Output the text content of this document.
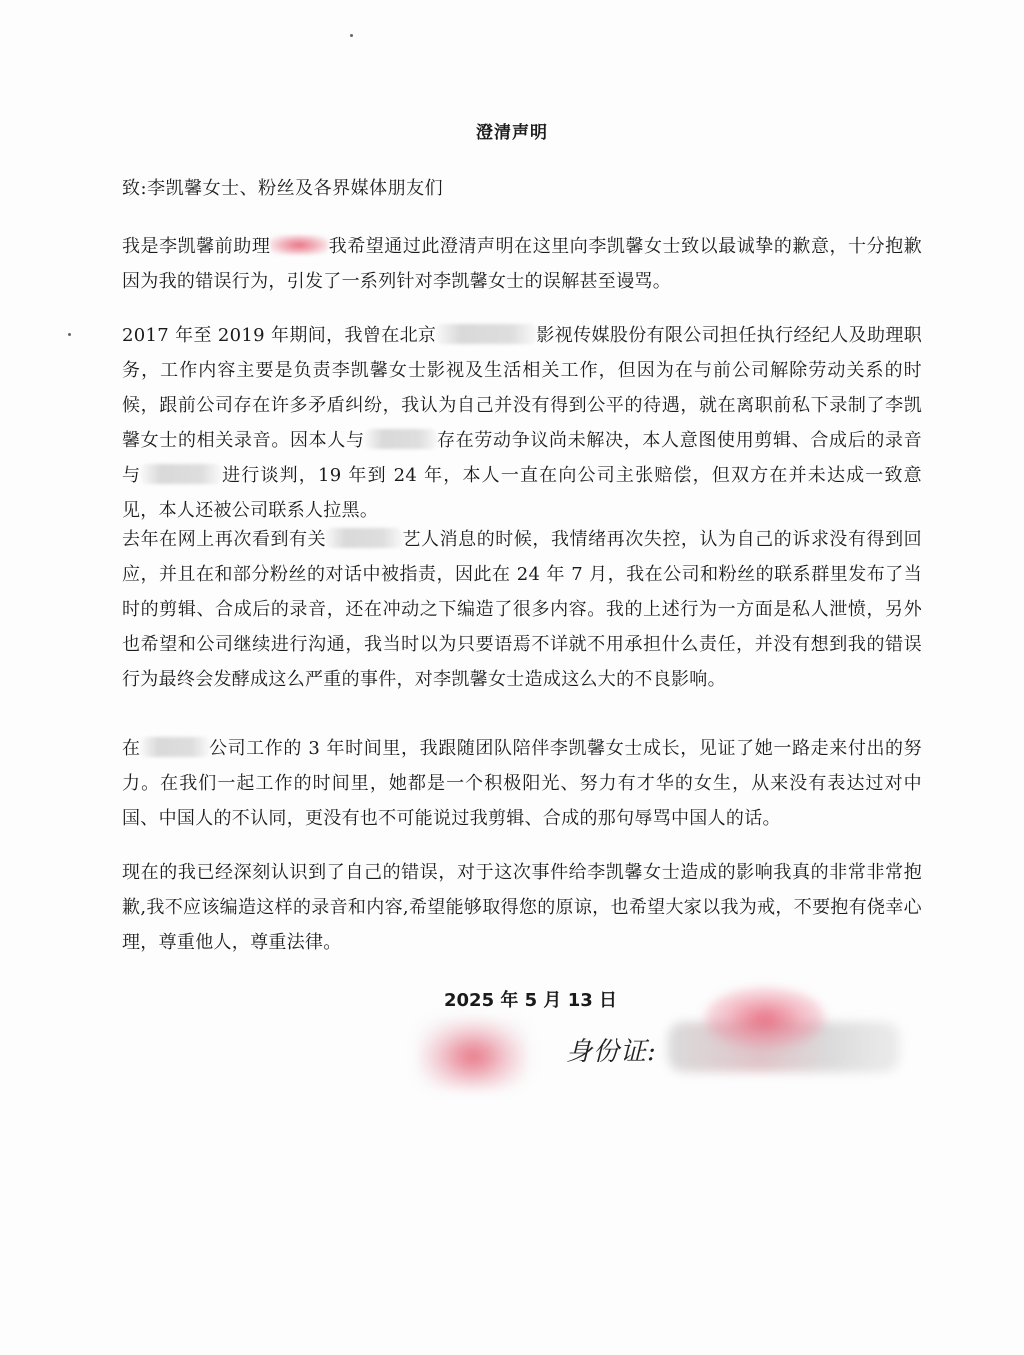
澄清声明
致:李凯馨女士、粉丝及各界媒体朋友们

我是李凯馨前助理	我希望通过此澄清声明在这里向李凯馨女士致以最诚挚的歉意，十分抱歉因为我的错误行为，引发了一系列针对李凯馨女士的误解甚至谩骂。

2017 年至 2019 年期间，我曾在北京	影视传媒股份有限公司担任执行经纪人及助理职务，工作内容主要是负责李凯馨女士影视及生活相关工作，但因为在与前公司解除劳动关系的时候，跟前公司存在许多矛盾纠纷，我认为自己并没有得到公平的待遇，就在离职前私下录制了李凯馨女士的相关录音。因本人与	存在劳动争议尚未解决，本人意图使用剪辑、合成后的录音与	进行谈判，19 年到 24 年，本人一直在向公司主张赔偿，但双方在并未达成一致意见，本人还被公司联系人拉黑。

去年在网上再次看到有关	艺人消息的时候，我情绪再次失控，认为自己的诉求没有得到回应，并且在和部分粉丝的对话中被指责，因此在 24 年 7 月，我在公司和粉丝的联系群里发布了当时的剪辑、合成后的录音，还在冲动之下编造了很多内容。我的上述行为一方面是私人泄愤，另外也希望和公司继续进行沟通，我当时以为只要语焉不详就不用承担什么责任，并没有想到我的错误行为最终会发酵成这么严重的事件，对李凯馨女士造成这么大的不良影响。

在	公司工作的 3 年时间里，我跟随团队陪伴李凯馨女士成长，见证了她一路走来付出的努力。在我们一起工作的时间里，她都是一个积极阳光、努力有才华的女生，从来没有表达过对中国、中国人的不认同，更没有也不可能说过我剪辑、合成的那句辱骂中国人的话。

现在的我已经深刻认识到了自己的错误，对于这次事件给李凯馨女士造成的影响我真的非常非常抱歉,我不应该编造这样的录音和内容,希望能够取得您的原谅，也希望大家以我为戒，不要抱有侥幸心理，尊重他人，尊重法律。

2025 年 5 月 13 日
身份证:
